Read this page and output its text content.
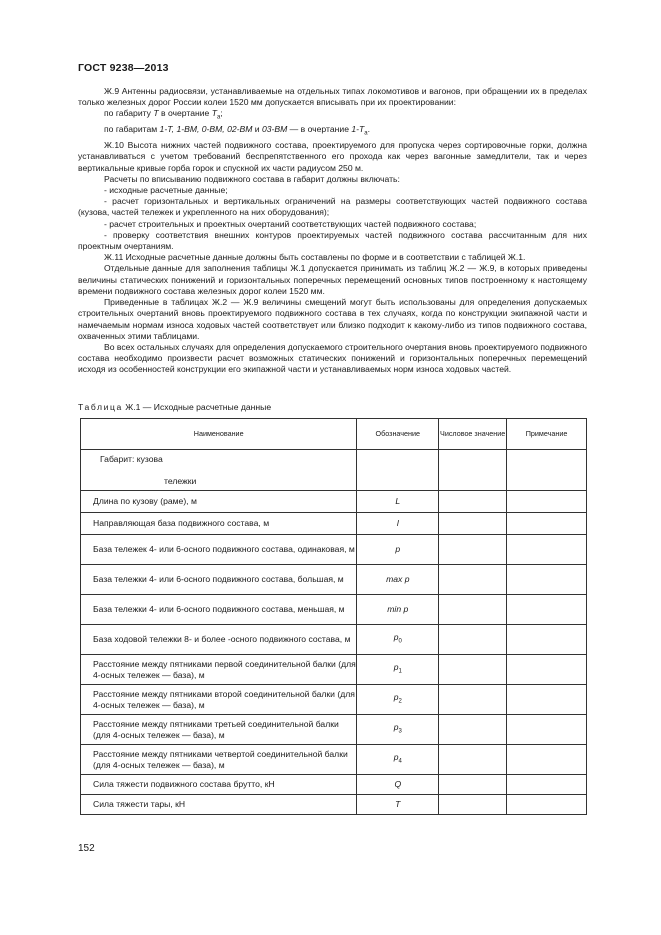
ГОСТ 9238—2013

Ж.9 Антенны радиосвязи, устанавливаемые на отдельных типах локомотивов и вагонов, при обращении их в пределах только железных дорог России колеи 1520 мм допускается вписывать при их проектировании:

по габариту Т в очертание $Т_а$;

по габаритам 1-Т, 1-ВМ, 0-ВМ, 02-ВМ и 03-ВМ — в очертание $1-Т_а$.

Ж.10 Высота нижних частей подвижного состава, проектируемого для пропуска через сортировочные горки, должна устанавливаться с учетом требований беспрепятственного его прохода как через вагонные замедлители, так и через вертикальные кривые горба горок и спускной их части радиусом 250 м.

Расчеты по вписыванию подвижного состава в габарит должны включать:

- исходные расчетные данные;

- расчет горизонтальных и вертикальных ограничений на размеры соответствующих частей подвижного состава (кузова, частей тележек и укрепленного на них оборудования);

- расчет строительных и проектных очертаний соответствующих частей подвижного состава;

- проверку соответствия внешних контуров проектируемых частей подвижного состава рассчитанным для них проектным очертаниям.

Ж.11 Исходные расчетные данные должны быть составлены по форме и в соответствии с таблицей Ж.1.

Отдельные данные для заполнения таблицы Ж.1 допускается принимать из таблиц Ж.2 — Ж.9, в которых приведены величины статических понижений и горизонтальных поперечных перемещений основных типов построенному к настоящему времени подвижного состава железных дорог колеи 1520 мм.

Приведенные в таблицах Ж.2 — Ж.9 величины смещений могут быть использованы для определения допускаемых строительных очертаний вновь проектируемого подвижного состава в тех случаях, когда по конструкции экипажной части и намечаемым нормам износа ходовых частей соответствует или близко подходит к какому-либо из типов подвижного состава, охваченных этими таблицами.

Во всех остальных случаях для определения допускаемого строительного очертания вновь проектируемого подвижного состава необходимо произвести расчет возможных статических понижений и горизонтальных поперечных перемещений исходя из особенностей конструкции его экипажной части и устанавливаемых норм износа ходовых частей.

Таблица Ж.1 — Исходные расчетные данные
Наименование	Обозначение	Числовое значение	Примечание

Габарит: кузова
тележки			

Длина по кузову (раме), м	L		

Направляющая база подвижного состава, м	l		

База тележек 4- или 6-осного подвижного состава, одинаковая, м	p		

База тележки 4- или 6-осного подвижного состава, большая, м	max p		

База тележки 4- или 6-осного подвижного состава, меньшая, м	min p		

База ходовой тележки 8- и более -осного подвижного состава, м	$p_0$		

Расстояние между пятниками первой соединительной балки (для 4-осных тележек — база), м	$p_1$		

Расстояние между пятниками второй соединительной балки (для 4-осных тележек — база), м	$p_2$		

Расстояние между пятниками третьей соединительной балки (для 4-осных тележек — база), м	$p_3$		

Расстояние между пятниками четвертой соединительной балки (для 4-осных тележек — база), м	$p_4$		

Сила тяжести подвижного состава брутто, кН	Q		

Сила тяжести тары, кН	T		
152
